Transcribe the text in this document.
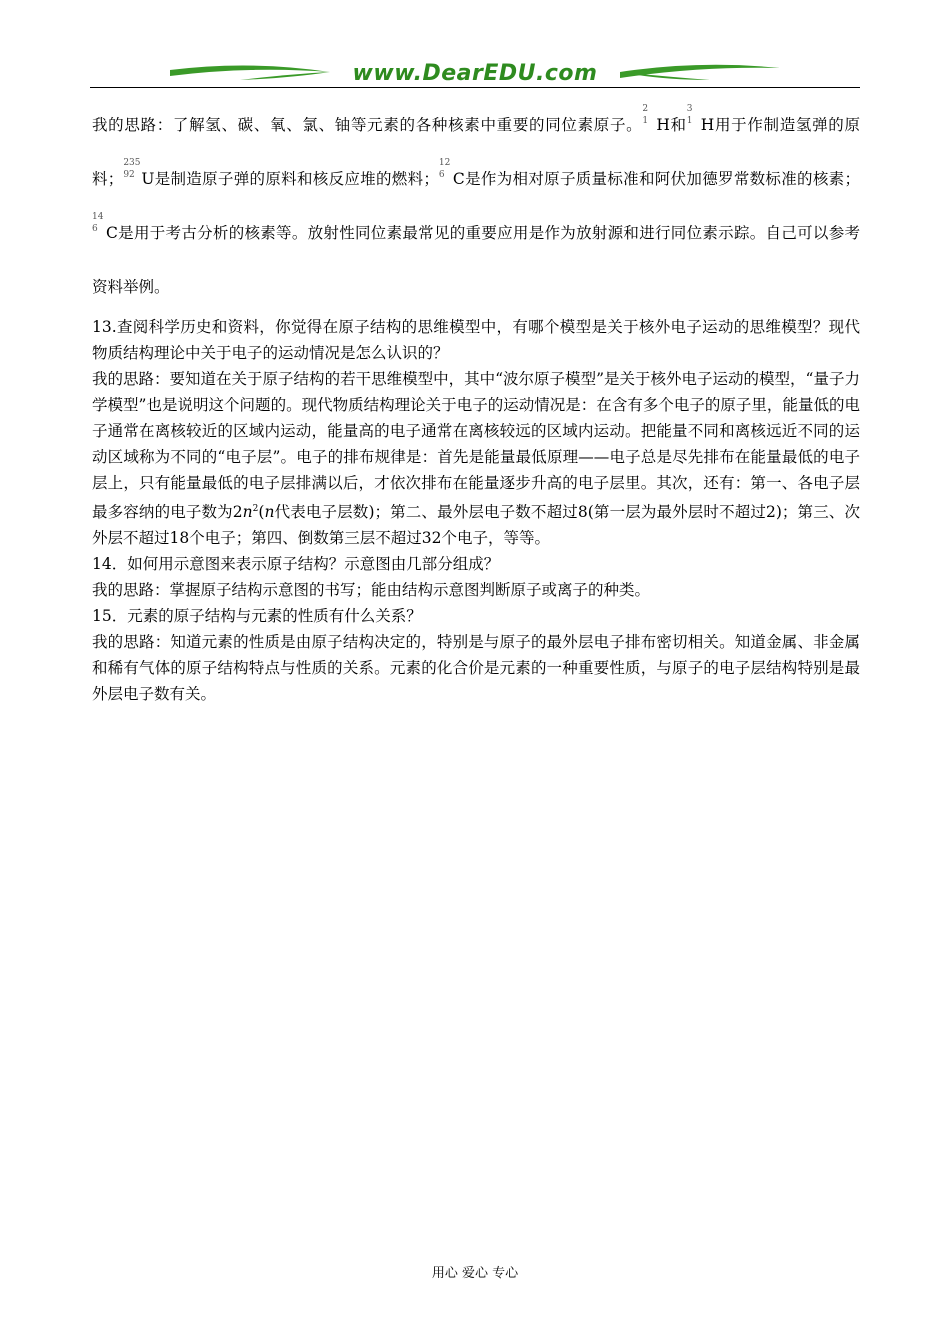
www.DearEDU.com

我的思路：了解氢、碳、氧、氯、铀等元素的各种核素中重要的同位素原子。
2
1 H和
3
1 H用于作制造氢弹的原料；
235
92 U是制造原子弹的原料和核反应堆的燃料；
12
6 C是作为相对原子质量标准和阿伏加德罗常数标准的核素；
14
6 C是用于考古分析的核素等。放射性同位素最常见的重要应用是作为放射源和进行同位素示踪。自己可以参考资料举例。

13.查阅科学历史和资料，你觉得在原子结构的思维模型中，有哪个模型是关于核外电子运动的思维模型？现代物质结构理论中关于电子的运动情况是怎么认识的？

我的思路：要知道在关于原子结构的若干思维模型中，其中“波尔原子模型”是关于核外电子运动的模型，“量子力学模型”也是说明这个问题的。现代物质结构理论关于电子的运动情况是：在含有多个电子的原子里，能量低的电子通常在离核较近的区域内运动，能量高的电子通常在离核较远的区域内运动。把能量不同和离核远近不同的运动区域称为不同的“电子层”。电子的排布规律是：首先是能量最低原理——电子总是尽先排布在能量最低的电子层上，只有能量最低的电子层排满以后，才依次排布在能量逐步升高的电子层里。其次，还有：第一、各电子层最多容纳的电子数为$2n^2(n$代表电子层数)；第二、最外层电子数不超过8(第一层为最外层时不超过2)；第三、次外层不超过18个电子；第四、倒数第三层不超过32个电子，等等。

14．如何用示意图来表示原子结构？示意图由几部分组成？

我的思路：掌握原子结构示意图的书写；能由结构示意图判断原子或离子的种类。

15．元素的原子结构与元素的性质有什么关系？

我的思路：知道元素的性质是由原子结构决定的，特别是与原子的最外层电子排布密切相关。知道金属、非金属和稀有气体的原子结构特点与性质的关系。元素的化合价是元素的一种重要性质，与原子的电子层结构特别是最外层电子数有关。

用心 爱心 专心
